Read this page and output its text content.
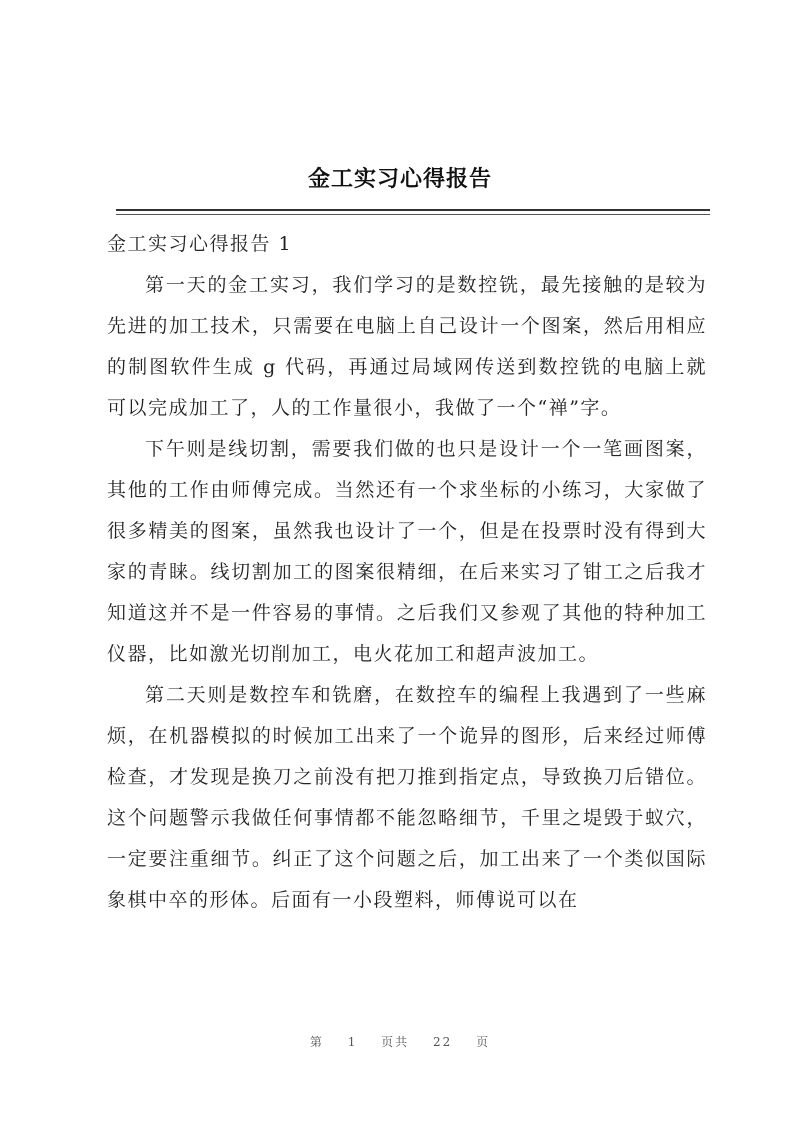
金工实习心得报告

金工实习心得报告 1

第一天的金工实习，我们学习的是数控铣，最先接触的是较为先进的加工技术，只需要在电脑上自己设计一个图案，然后用相应的制图软件生成 g 代码，再通过局域网传送到数控铣的电脑上就可以完成加工了，人的工作量很小，我做了一个“禅”字。

下午则是线切割，需要我们做的也只是设计一个一笔画图案，其他的工作由师傅完成。当然还有一个求坐标的小练习，大家做了很多精美的图案，虽然我也设计了一个，但是在投票时没有得到大家的青睐。线切割加工的图案很精细，在后来实习了钳工之后我才知道这并不是一件容易的事情。之后我们又参观了其他的特种加工仪器，比如激光切削加工，电火花加工和超声波加工。

第二天则是数控车和铣磨，在数控车的编程上我遇到了一些麻烦，在机器模拟的时候加工出来了一个诡异的图形，后来经过师傅检查，才发现是换刀之前没有把刀推到指定点，导致换刀后错位。这个问题警示我做任何事情都不能忽略细节，千里之堤毁于蚁穴，一定要注重细节。纠正了这个问题之后，加工出来了一个类似国际象棋中卒的形体。后面有一小段塑料，师傅说可以在

第 1 页共 22 页
